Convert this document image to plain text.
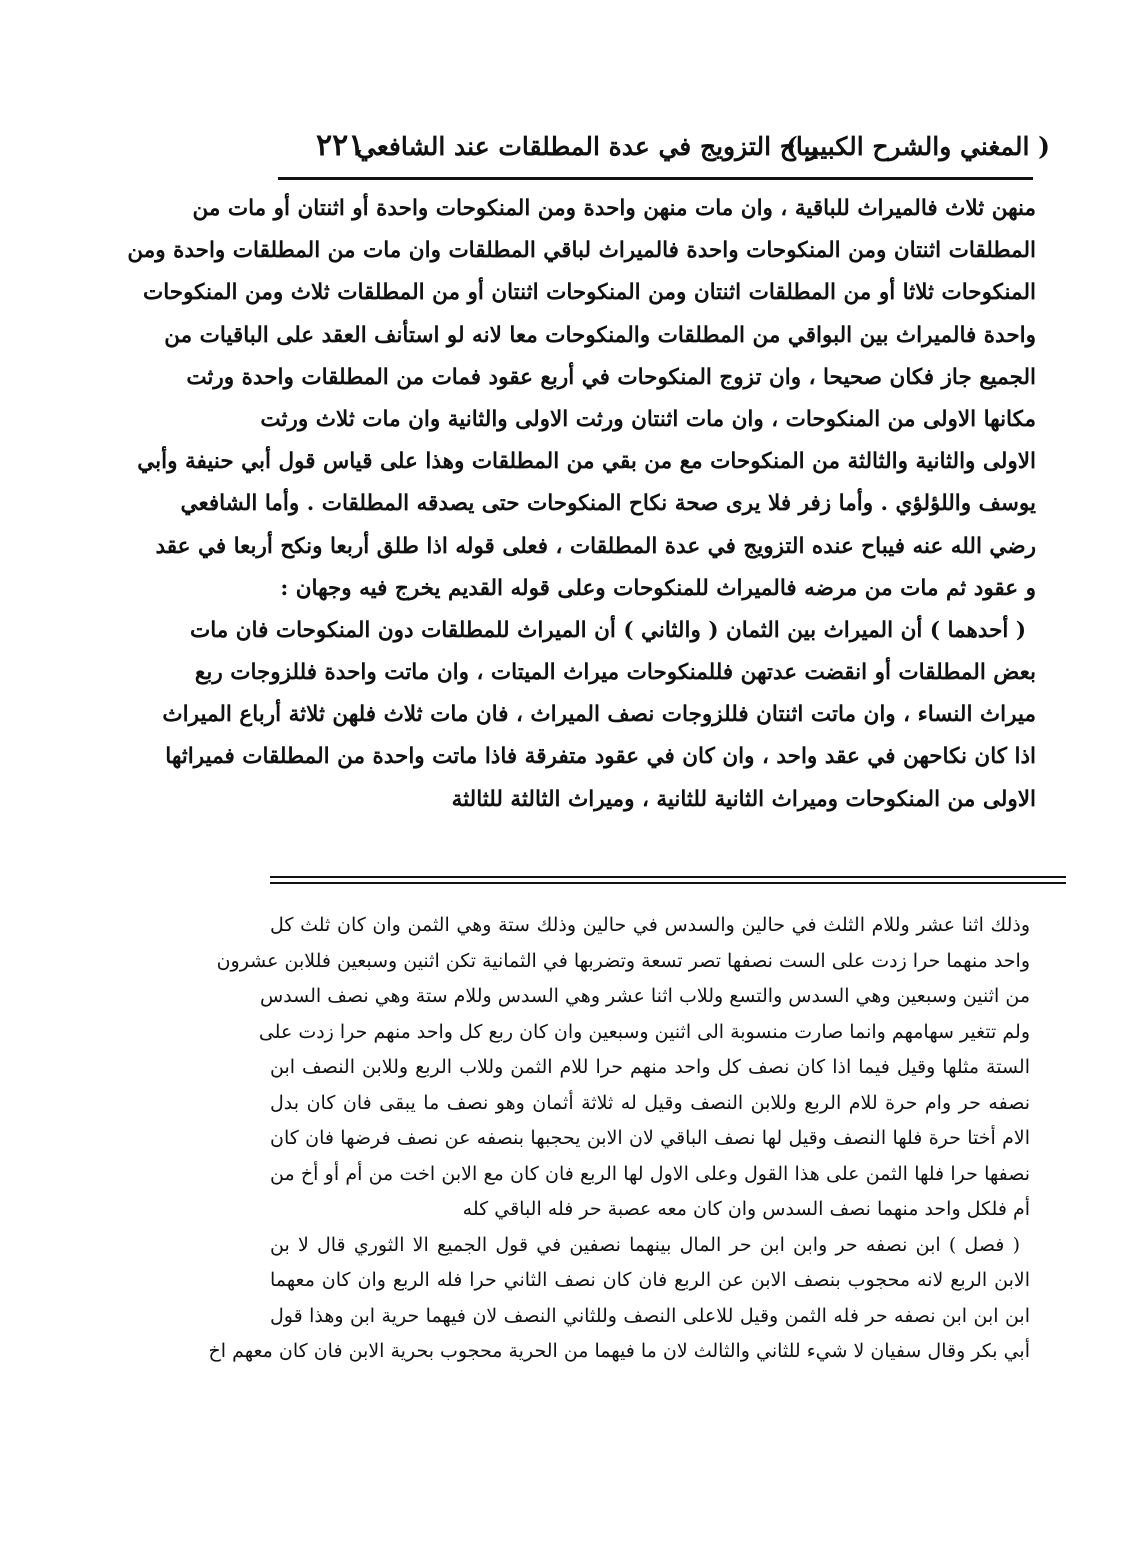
( المغني والشرح الكبير )
يباح التزويج في عدة المطلقات عند الشافعي
٢٢١
منهن ثلاث فالميراث للباقية ، وان مات منهن واحدة ومن المنكوحات واحدة أو اثنتان أو مات من
المطلقات اثنتان ومن المنكوحات واحدة فالميراث لباقي المطلقات وان مات من المطلقات واحدة ومن
المنكوحات ثلاثا أو من المطلقات اثنتان ومن المنكوحات اثنتان أو من المطلقات ثلاث ومن المنكوحات
واحدة فالميراث بين البواقي من المطلقات والمنكوحات معا لانه لو استأنف العقد على الباقيات من
الجميع جاز فكان صحيحا ، وان تزوج المنكوحات في أربع عقود فمات من المطلقات واحدة ورثت
مكانها الاولى من المنكوحات ، وان مات اثنتان ورثت الاولى والثانية وان مات ثلاث ورثت
الاولى والثانية والثالثة من المنكوحات مع من بقي من المطلقات وهذا على قياس قول أبي حنيفة وأبي
يوسف واللؤلؤي . وأما زفر فلا يرى صحة نكاح المنكوحات حتى يصدقه المطلقات . وأما الشافعي
رضي الله عنه فيباح عنده التزويج في عدة المطلقات ، فعلى قوله اذا طلق أربعا ونكح أربعا في عقد
و عقود ثم مات من مرضه فالميراث للمنكوحات وعلى قوله القديم يخرج فيه وجهان :
( أحدهما ) أن الميراث بين الثمان ( والثاني ) أن الميراث للمطلقات دون المنكوحات فان مات
بعض المطلقات أو انقضت عدتهن فللمنكوحات ميراث الميتات ، وان ماتت واحدة فللزوجات ربع
ميراث النساء ، وان ماتت اثنتان فللزوجات نصف الميراث ، فان مات ثلاث فلهن ثلاثة أرباع الميراث
اذا كان نكاحهن في عقد واحد ، وان كان في عقود متفرقة فاذا ماتت واحدة من المطلقات فميراثها
الاولى من المنكوحات وميراث الثانية للثانية ، وميراث الثالثة للثالثة
وذلك اثنا عشر وللام الثلث في حالين والسدس في حالين وذلك ستة وهي الثمن وان كان ثلث كل
واحد منهما حرا زدت على الست نصفها تصر تسعة وتضربها في الثمانية تكن اثنين وسبعين فللابن عشرون
من اثنين وسبعين وهي السدس والتسع وللاب اثنا عشر وهي السدس وللام ستة وهي نصف السدس
ولم تتغير سهامهم وانما صارت منسوبة الى اثنين وسبعين وان كان ربع كل واحد منهم حرا زدت على
الستة مثلها وقيل فيما اذا كان نصف كل واحد منهم حرا للام الثمن وللاب الربع وللابن النصف ابن
نصفه حر وام حرة للام الربع وللابن النصف وقيل له ثلاثة أثمان وهو نصف ما يبقى فان كان بدل
الام أختا حرة فلها النصف وقيل لها نصف الباقي لان الابن يحجبها بنصفه عن نصف فرضها فان كان
نصفها حرا فلها الثمن على هذا القول وعلى الاول لها الربع فان كان مع الابن اخت من أم أو أخ من
أم فلكل واحد منهما نصف السدس وان كان معه عصبة حر فله الباقي كله
( فصل ) ابن نصفه حر وابن ابن حر المال بينهما نصفين في قول الجميع الا الثوري قال لا بن
الابن الربع لانه محجوب بنصف الابن عن الربع فان كان نصف الثاني حرا فله الربع وان كان معهما
ابن ابن ابن نصفه حر فله الثمن وقيل للاعلى النصف وللثاني النصف لان فيهما حرية ابن وهذا قول
أبي بكر وقال سفيان لا شيء للثاني والثالث لان ما فيهما من الحرية محجوب بحرية الابن فان كان معهم اخ
